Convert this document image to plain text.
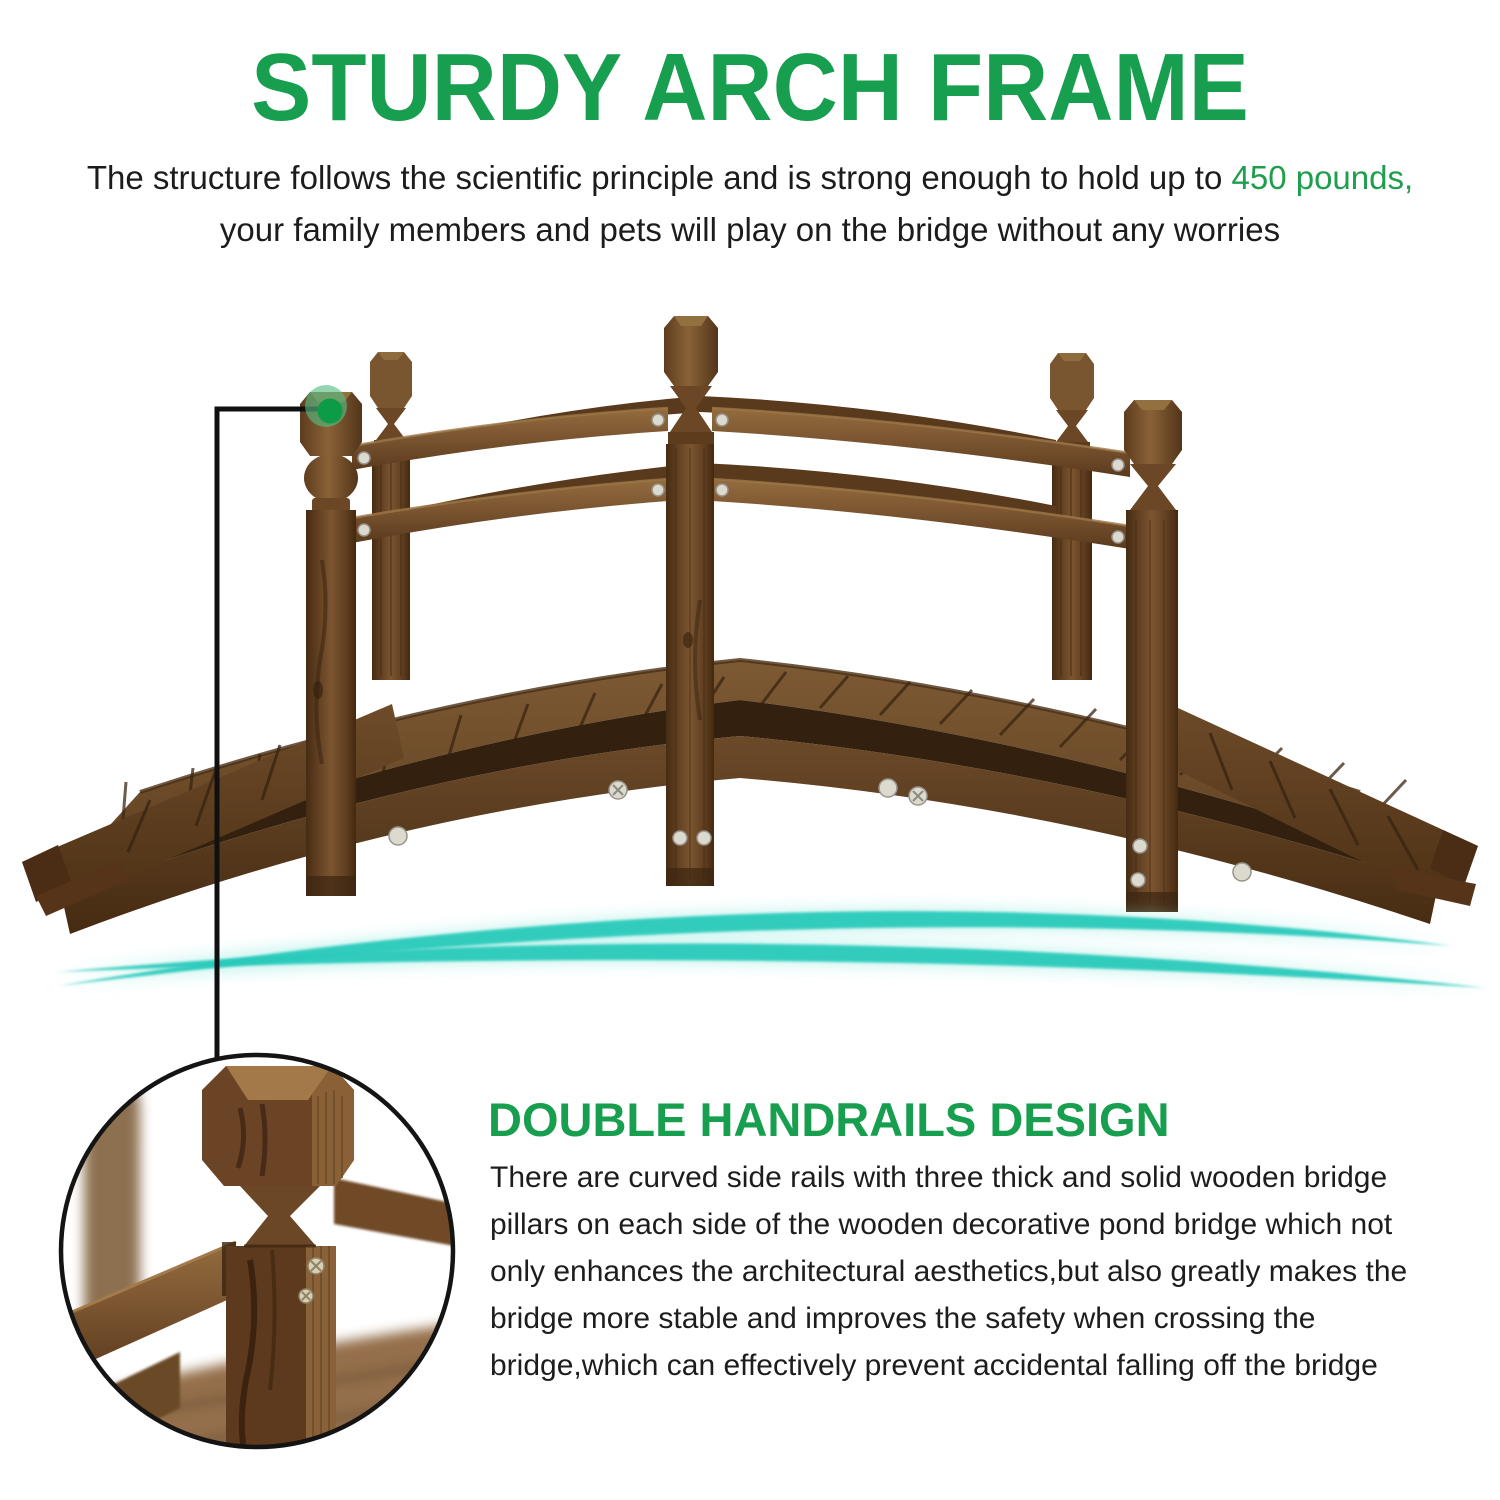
STURDY ARCH FRAME
The structure follows the scientific principle and is strong enough to hold up to 450 pounds,
your family members and pets will play on the bridge without any worries
DOUBLE HANDRAILS DESIGN
There are curved side rails with three thick and solid wooden bridge
pillars on each side of the wooden decorative pond bridge which not
only enhances the architectural aesthetics,but also greatly makes the
bridge more stable and improves the safety when crossing the
bridge,which can effectively prevent accidental falling off the bridge
